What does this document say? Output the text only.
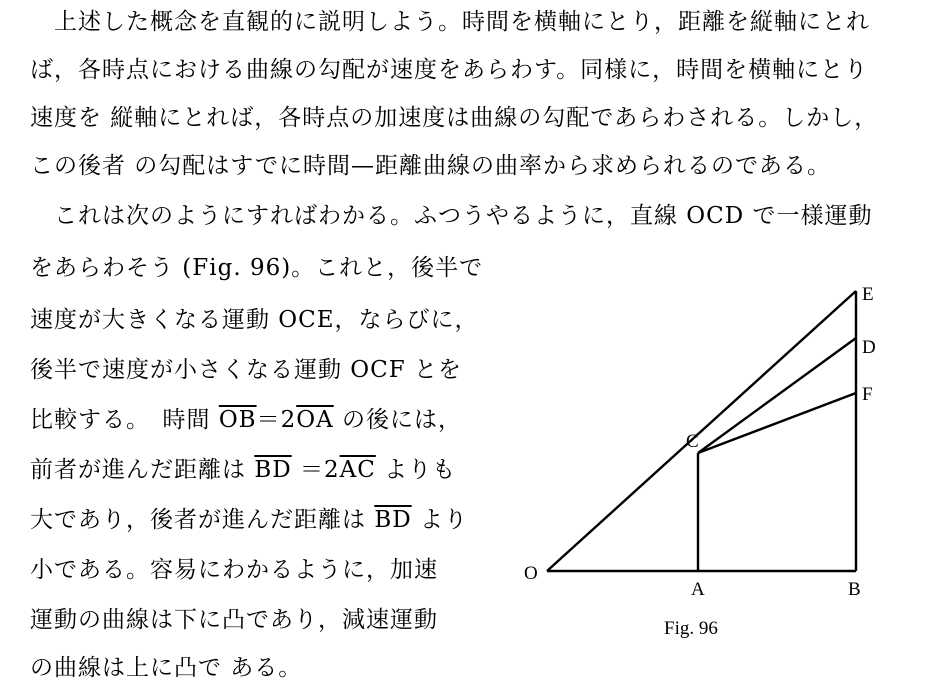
　上述した概念を直観的に説明しよう。時間を横軸にとり，距離を縦軸にとれ
ば，各時点における曲線の勾配が速度をあらわす。同様に，時間を横軸にとり
速度を 縦軸にとれば，各時点の加速度は曲線の勾配であらわされる。しかし，
この後者 の勾配はすでに時間—距離曲線の曲率から求められるのである。
　これは次のようにすればわかる。ふつうやるように，直線 OCD で一様運動
をあらわそう (Fig. 96)。これと，後半で
速度が大きくなる運動 OCE，ならびに，
後半で速度が小さくなる運動 OCF とを
比較する。　時間 $\overline{OB}=2\overline{OA}$ の後には，
前者が進んだ距離は $\overline{BD} =2\overline{AC}$ よりも
大であり，後者が進んだ距離は $\overline{BD}$ より
小である。容易にわかるように，加速
運動の曲線は下に凸であり，減速運動
の曲線は上に凸で ある。
O
A	B
C
D
E
F
Fig. 96
